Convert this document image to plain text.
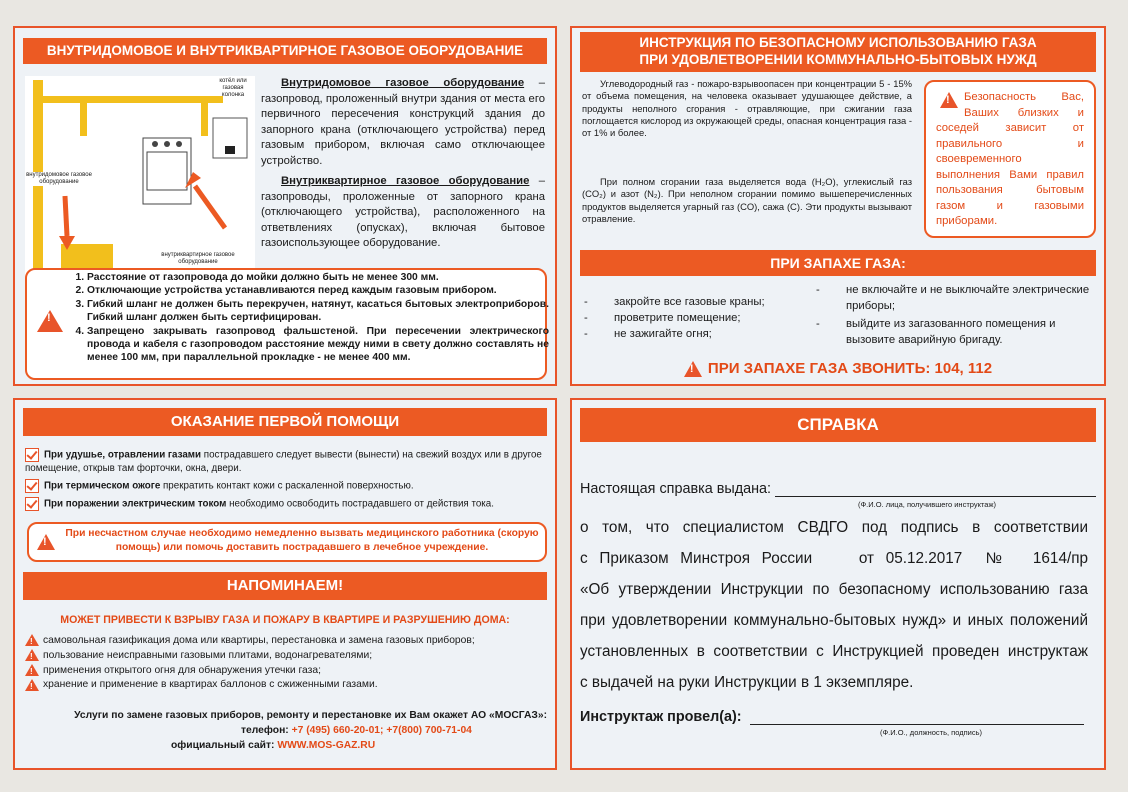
ВНУТРИДОМОВОЕ И ВНУТРИКВАРТИРНОЕ ГАЗОВОЕ ОБОРУДОВАНИЕ
котёл или газовая колонка
внутридомовое газовое оборудование
внутриквартирное газовое оборудование
Внутридомовое газовое оборудование – газопровод, проложенный внутри здания от места его первичного пересечения конструкций здания до запорного крана (отключающего устройства) перед газовым прибором, включая само отключающее устройство.
Внутриквартирное газовое оборудование – газопроводы, проложенные от запорного крана (отключающего устройства), расположенного на ответвлениях (опусках), включая бытовое газоиспользующее оборудование.
!
1. Расстояние от газопровода до мойки должно быть не менее 300 мм.
2. Отключающие устройства устанавливаются перед каждым газовым прибором.
3. Гибкий шланг не должен быть перекручен, натянут, касаться бытовых электроприборов. Гибкий шланг должен быть сертифицирован.
4. Запрещено закрывать газопровод фальшстеной. При пересечении электрического провода и кабеля с газопроводом расстояние между ними в свету должно составлять не менее 100 мм, при параллельной прокладке - не менее 400 мм.
ИНСТРУКЦИЯ ПО БЕЗОПАСНОМУ ИСПОЛЬЗОВАНИЮ ГАЗА
ПРИ УДОВЛЕТВОРЕНИИ КОММУНАЛЬНО-БЫТОВЫХ НУЖД

Углеводородный газ - пожаро-взрывоопасен при концентрации 5 - 15% от объема помещения, на человека оказывает удушающее действие, а продукты неполного сгорания - отравляющие, при сжигании газа поглощается кислород из окружающей среды, опасная концентрация газа - от 1% и более.

При полном сгорании газа выделяется вода (H₂O), углекислый газ (CO₂) и азот (N₂). При неполном сгорании помимо вышеперечисленных продуктов выделяется угарный газ (CO), сажа (C). Эти продукты вызывают отравление.

!

Безопасность Вас, Ваших близких и соседей зависит от правильного и своевременного выполнения Вами правил пользования бытовым газом и газовыми приборами.

ПРИ ЗАПАХЕ ГАЗА:
- закройте все газовые краны;
- проветрите помещение;
- не зажигайте огня;
-	не включайте и не выключайте электрические приборы;
-	выйдите из загазованного помещения и вызовите аварийную бригаду.
!ПРИ ЗАПАХЕ ГАЗА ЗВОНИТЬ: 104, 112
ОКАЗАНИЕ ПЕРВОЙ ПОМОЩИ
При удушье, отравлении газами пострадавшего следует вывести (вынести) на свежий воздух или в другое помещение, открыв там форточки, окна, двери.
При термическом ожоге прекратить контакт кожи с раскаленной поверхностью.
При поражении электрическим током необходимо освободить пострадавшего от действия тока.
!

При несчастном случае необходимо немедленно вызвать медицинского работника (скорую помощь) или помочь доставить пострадавшего в лечебное учреждение.

НАПОМИНАЕМ!
МОЖЕТ ПРИВЕСТИ К ВЗРЫВУ ГАЗА И ПОЖАРУ В КВАРТИРЕ И РАЗРУШЕНИЮ ДОМА:
!самовольная газификация дома или квартиры, перестановка и замена газовых приборов;
!пользование неисправными газовыми плитами, водонагревателями;
!применения открытого огня для обнаружения утечки газа;
!хранение и применение в квартирах баллонов с сжиженными газами.
Услуги по замене газовых приборов, ремонту и перестановке их Вам окажет АО «МОСГАЗ»:
телефон: +7 (495) 660-20-01; +7(800) 700-71-04
официальный сайт: WWW.MOS-GAZ.RU
СПРАВКА
Настоящая справка выдана:
(Ф.И.О. лица, получившего инструктаж)
о том, что специалистом СВДГО под подпись в соответствии
с Приказом Минстроя России    от 05.12.2017  №  1614/пр
«Об утверждении Инструкции по безопасному использованию газа
при удовлетворении коммунально-бытовых нужд» и иных положений
установленных в соответствии с Инструкцией проведен инструктаж
с выдачей на руки Инструкции в 1 экземпляре.
Инструктаж провел(а):
(Ф.И.О., должность, подпись)
